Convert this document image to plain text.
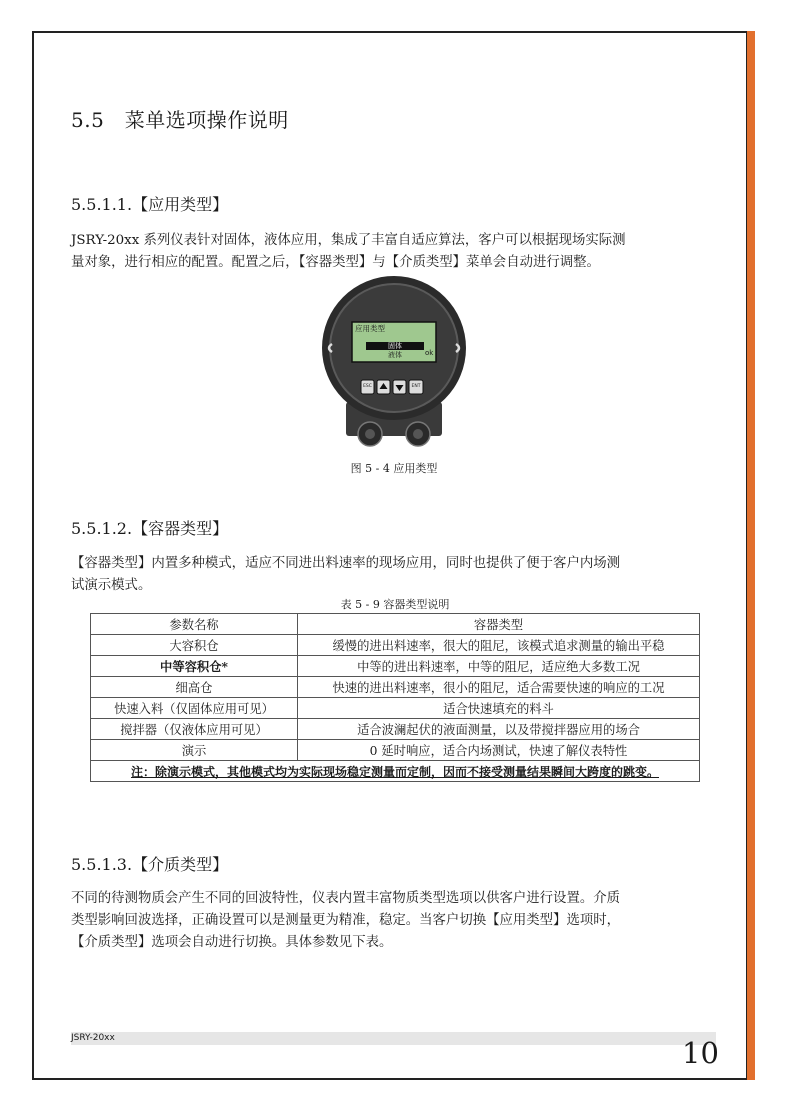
5.5　菜单选项操作说明
5.5.1.1.【应用类型】
JSRY-20xx 系列仪表针对固体，液体应用，集成了丰富自适应算法，客户可以根据现场实际测
量对象，进行相应的配置。配置之后，【容器类型】与【介质类型】菜单会自动进行调整。
应用类型
固体
液体	ok
ESC	ENT
图 5 - 4 应用类型
5.5.1.2.【容器类型】
【容器类型】内置多种模式，适应不同进出料速率的现场应用，同时也提供了便于客户内场测
试演示模式。
表 5 - 9 容器类型说明
参数名称	容器类型
大容积仓	缓慢的进出料速率，很大的阻尼，该模式追求测量的输出平稳
中等容积仓*	中等的进出料速率，中等的阻尼，适应绝大多数工况
细高仓	快速的进出料速率，很小的阻尼，适合需要快速的响应的工况
快速入料（仅固体应用可见）	适合快速填充的料斗
搅拌器（仅液体应用可见）	适合波澜起伏的液面测量，以及带搅拌器应用的场合
演示	0 延时响应，适合内场测试，快速了解仪表特性
注：除演示模式，其他模式均为实际现场稳定测量而定制，因而不接受测量结果瞬间大跨度的跳变。	
5.5.1.3.【介质类型】
不同的待测物质会产生不同的回波特性，仪表内置丰富物质类型选项以供客户进行设置。介质
类型影响回波选择，正确设置可以是测量更为精准，稳定。当客户切换【应用类型】选项时，
【介质类型】选项会自动进行切换。具体参数见下表。
JSRY-20xx	10
